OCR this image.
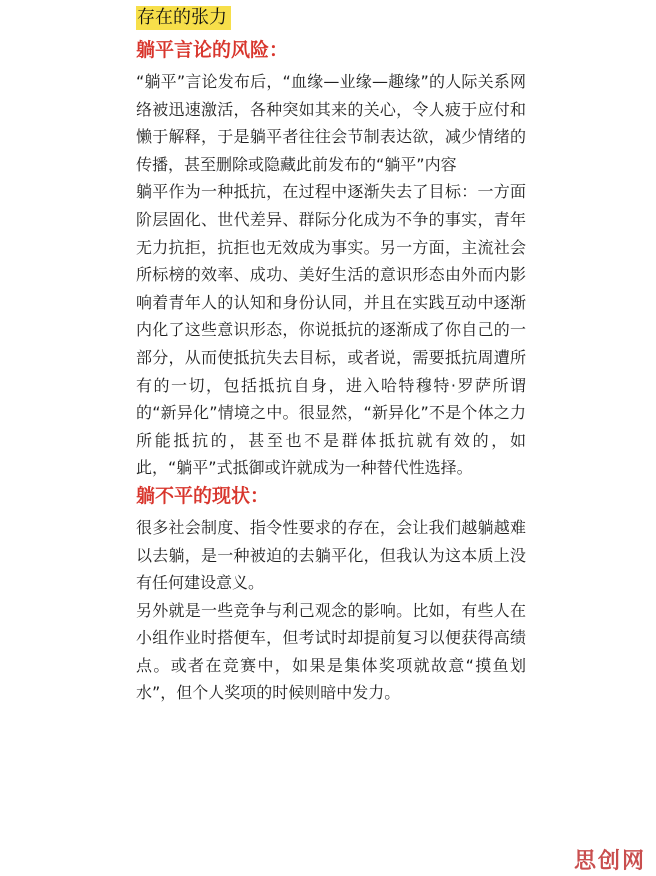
存在的张力
躺平言论的风险：

“躺平”言论发布后，“血缘—业缘—趣缘”的人际关系网络被迅速激活，各种突如其来的关心，令人疲于应付和懒于解释，于是躺平者往往会节制表达欲，减少情绪的传播，甚至删除或隐藏此前发布的“躺平”内容

躺平作为一种抵抗，在过程中逐渐失去了目标：一方面阶层固化、世代差异、群际分化成为不争的事实，青年无力抗拒，抗拒也无效成为事实。另一方面，主流社会所标榜的效率、成功、美好生活的意识形态由外而内影响着青年人的认知和身份认同，并且在实践互动中逐渐内化了这些意识形态，你说抵抗的逐渐成了你自己的一部分，从而使抵抗失去目标，或者说，需要抵抗周遭所有的一切，包括抵抗自身，进入哈特穆特·罗萨所谓的“新异化”情境之中。很显然，“新异化”不是个体之力所能抵抗的，甚至也不是群体抵抗就有效的，如此，“躺平”式抵御或许就成为一种替代性选择。

躺不平的现状：

很多社会制度、指令性要求的存在，会让我们越躺越难以去躺，是一种被迫的去躺平化，但我认为这本质上没有任何建设意义。

另外就是一些竞争与利己观念的影响。比如，有些人在小组作业时搭便车，但考试时却提前复习以便获得高绩点。或者在竞赛中，如果是集体奖项就故意“摸鱼划水”，但个人奖项的时候则暗中发力。

思创网
